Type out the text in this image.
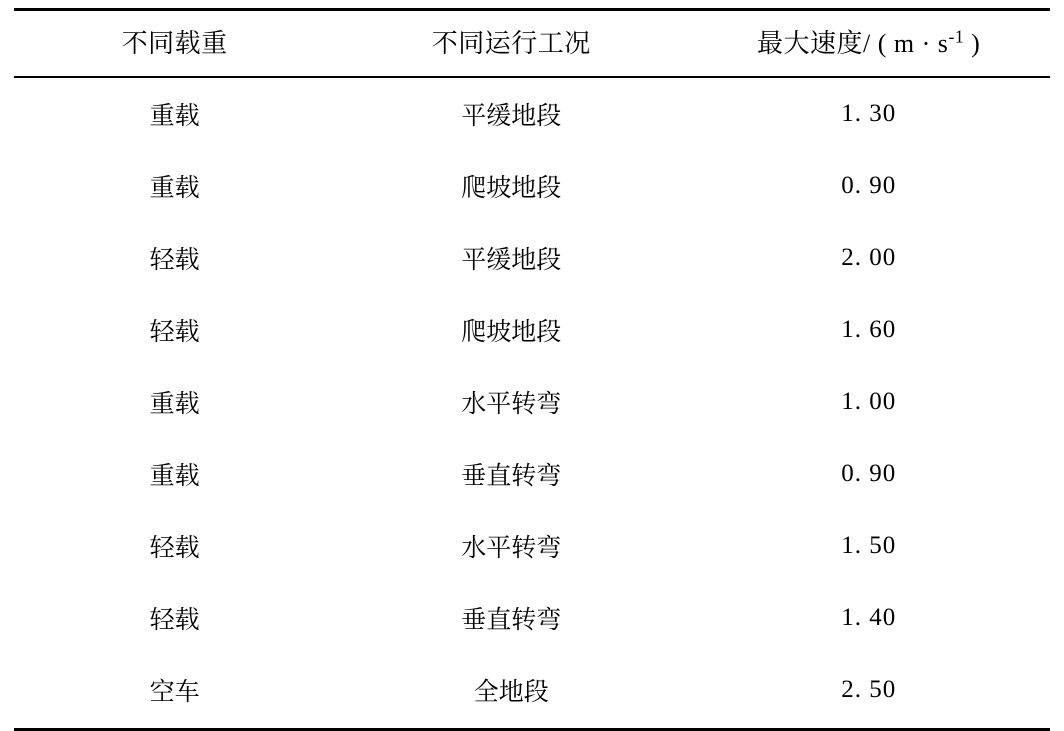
不同载重	不同运行工况	最大速度/ ( $m \cdot s^{-1}$ )
重载	平缓地段	1. 30
重载	爬坡地段	0. 90
轻载	平缓地段	2. 00
轻载	爬坡地段	1. 60
重载	水平转弯	1. 00
重载	垂直转弯	0. 90
轻载	水平转弯	1. 50
轻载	垂直转弯	1. 40
空车	全地段	2. 50
